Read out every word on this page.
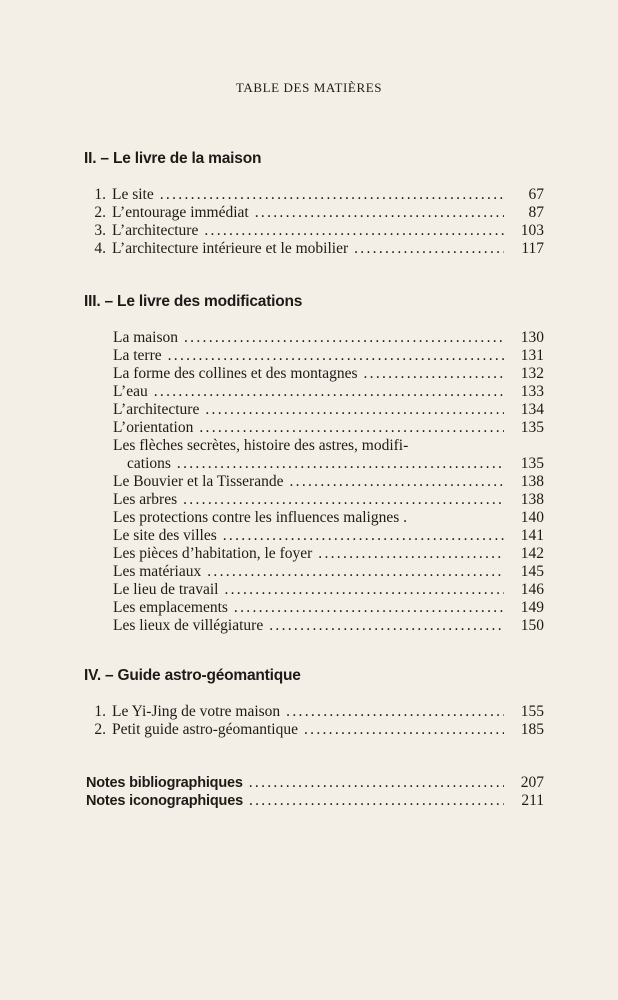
TABLE DES MATIÈRES
II. – Le livre de la maison
1. Le site .....	67
2. L’entourage immédiat .....	87
3. L’architecture .....	103
4. L’architecture intérieure et le mobilier .....	117
III. – Le livre des modifications
La maison .....	130
La terre .....	131
La forme des collines et des montagnes .....	132
L’eau .....	133
L’architecture .....	134
L’orientation .....	135
Les flèches secrètes, histoire des astres, modifi-
cations .....	135
Le Bouvier et la Tisserande .....	138
Les arbres .....	138
Les protections contre les influences malignes .	140
Le site des villes .....	141
Les pièces d’habitation, le foyer .....	142
Les matériaux .....	145
Le lieu de travail .....	146
Les emplacements .....	149
Les lieux de villégiature .....	150
IV. – Guide astro-géomantique
1. Le Yi-Jing de votre maison .....	155
2. Petit guide astro-géomantique .....	185
Notes bibliographiques .....	207
Notes iconographiques .....	211
